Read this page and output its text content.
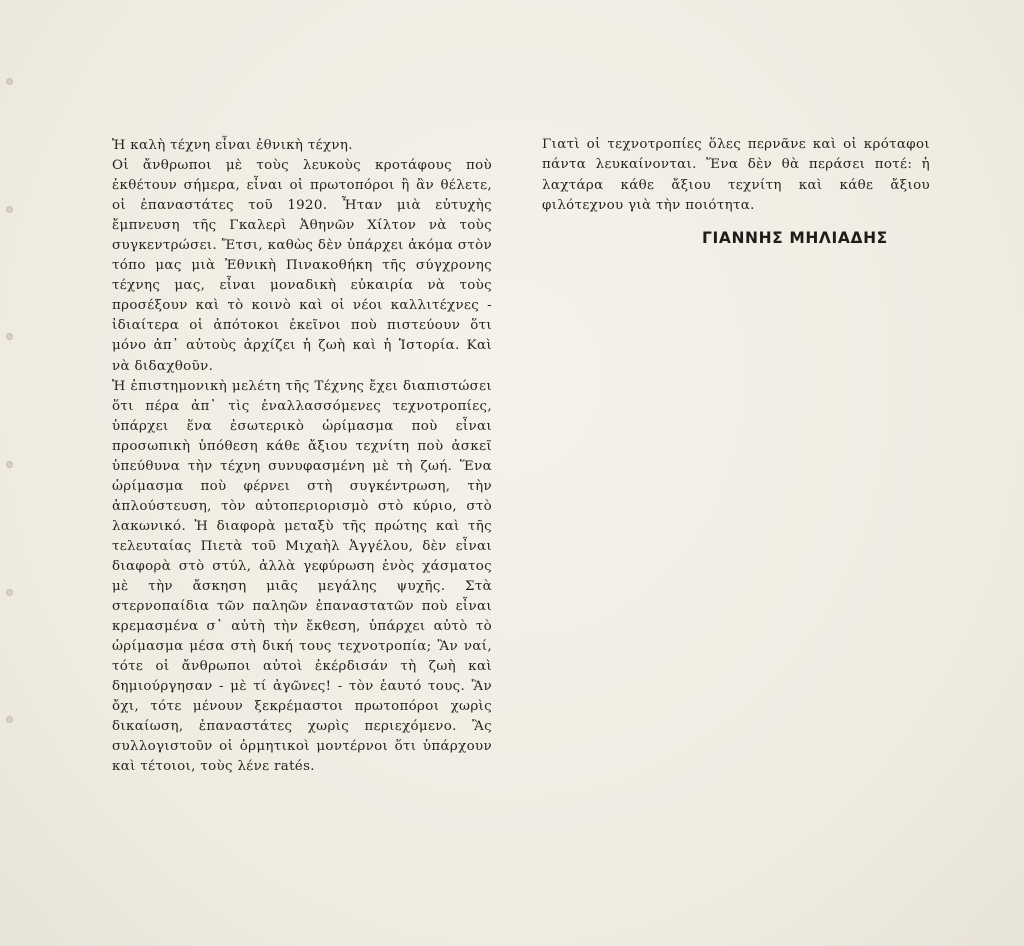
Ἡ καλὴ τέχνη εἶναι ἐθνικὴ τέχνη.

Οἱ ἄνθρωποι μὲ τοὺς λευκοὺς κροτάφους ποὺ ἐκθέτουν σήμερα, εἶναι οἱ πρωτοπόροι ἢ ἂν θέλετε, οἱ ἐπαναστάτες τοῦ 1920. Ἦταν μιὰ εὐτυχὴς ἔμπνευση τῆς Γκαλερὶ Ἀθηνῶν Χίλτον νὰ τοὺς συγκεντρώσει. Ἔτσι, καθὼς δὲν ὑπάρχει ἀκόμα στὸν τόπο μας μιὰ Ἐθνικὴ Πινακοθήκη τῆς σύγχρονης τέχνης μας, εἶναι μοναδικὴ εὐκαιρία νὰ τοὺς προσέξουν καὶ τὸ κοινὸ καὶ οἱ νέοι καλλιτέχνες - ἰδιαίτερα οἱ ἀπότοκοι ἐκεῖνοι ποὺ πιστεύουν ὅτι μόνο ἀπ᾽ αὐτοὺς ἀρχίζει ἡ ζωὴ καὶ ἡ Ἱστορία. Καὶ νὰ διδαχθοῦν.

Ἡ ἐπιστημονικὴ μελέτη τῆς Τέχνης ἔχει διαπιστώσει ὅτι πέρα ἀπ᾽ τὶς ἐναλλασσόμενες τεχνοτροπίες, ὑπάρχει ἕνα ἐσωτερικὸ ὡρίμασμα ποὺ εἶναι προσωπικὴ ὑπόθεση κάθε ἄξιου τεχνίτη ποὺ ἀσκεῖ ὑπεύθυνα τὴν τέχνη συνυφασμένη μὲ τὴ ζωή. Ἕνα ὡρίμασμα ποὺ φέρνει στὴ συγκέντρωση, τὴν ἁπλούστευση, τὸν αὐτοπεριορισμὸ στὸ κύριο, στὸ λακωνικό. Ἡ διαφορὰ μεταξὺ τῆς πρώτης καὶ τῆς τελευταίας Πιετὰ τοῦ Μιχαὴλ Ἀγγέλου, δὲν εἶναι διαφορὰ στὸ στύλ, ἀλλὰ γεφύρωση ἑνὸς χάσματος μὲ τὴν ἄσκηση μιᾶς μεγάλης ψυχῆς. Στὰ στερνοπαίδια τῶν παληῶν ἐπαναστατῶν ποὺ εἶναι κρεμασμένα σ᾽ αὐτὴ τὴν ἔκθεση, ὑπάρχει αὐτὸ τὸ ὡρίμασμα μέσα στὴ δική τους τεχνοτροπία; Ἂν ναί, τότε οἱ ἄνθρωποι αὐτοὶ ἐκέρδισάν τὴ ζωὴ καὶ δημιούργησαν - μὲ τί ἀγῶνες! - τὸν ἑαυτό τους. Ἂν ὄχι, τότε μένουν ξεκρέμαστοι πρωτοπόροι χωρὶς δικαίωση, ἐπαναστάτες χωρὶς περιεχόμενο. Ἂς συλλογιστοῦν οἱ ὁρμητικοὶ μοντέρνοι ὅτι ὑπάρχουν καὶ τέτοιοι, τοὺς λένε ratés.

Γιατὶ οἱ τεχνοτροπίες ὅλες περνᾶνε καὶ οἱ κρόταφοι πάντα λευκαίνονται. Ἕνα δὲν θὰ περάσει ποτέ: ἡ λαχτάρα κάθε ἄξιου τεχνίτη καὶ κάθε ἄξιου φιλότεχνου γιὰ τὴν ποιότητα.

ΓΙΑΝΝΗΣ ΜΗΛΙΑΔΗΣ
